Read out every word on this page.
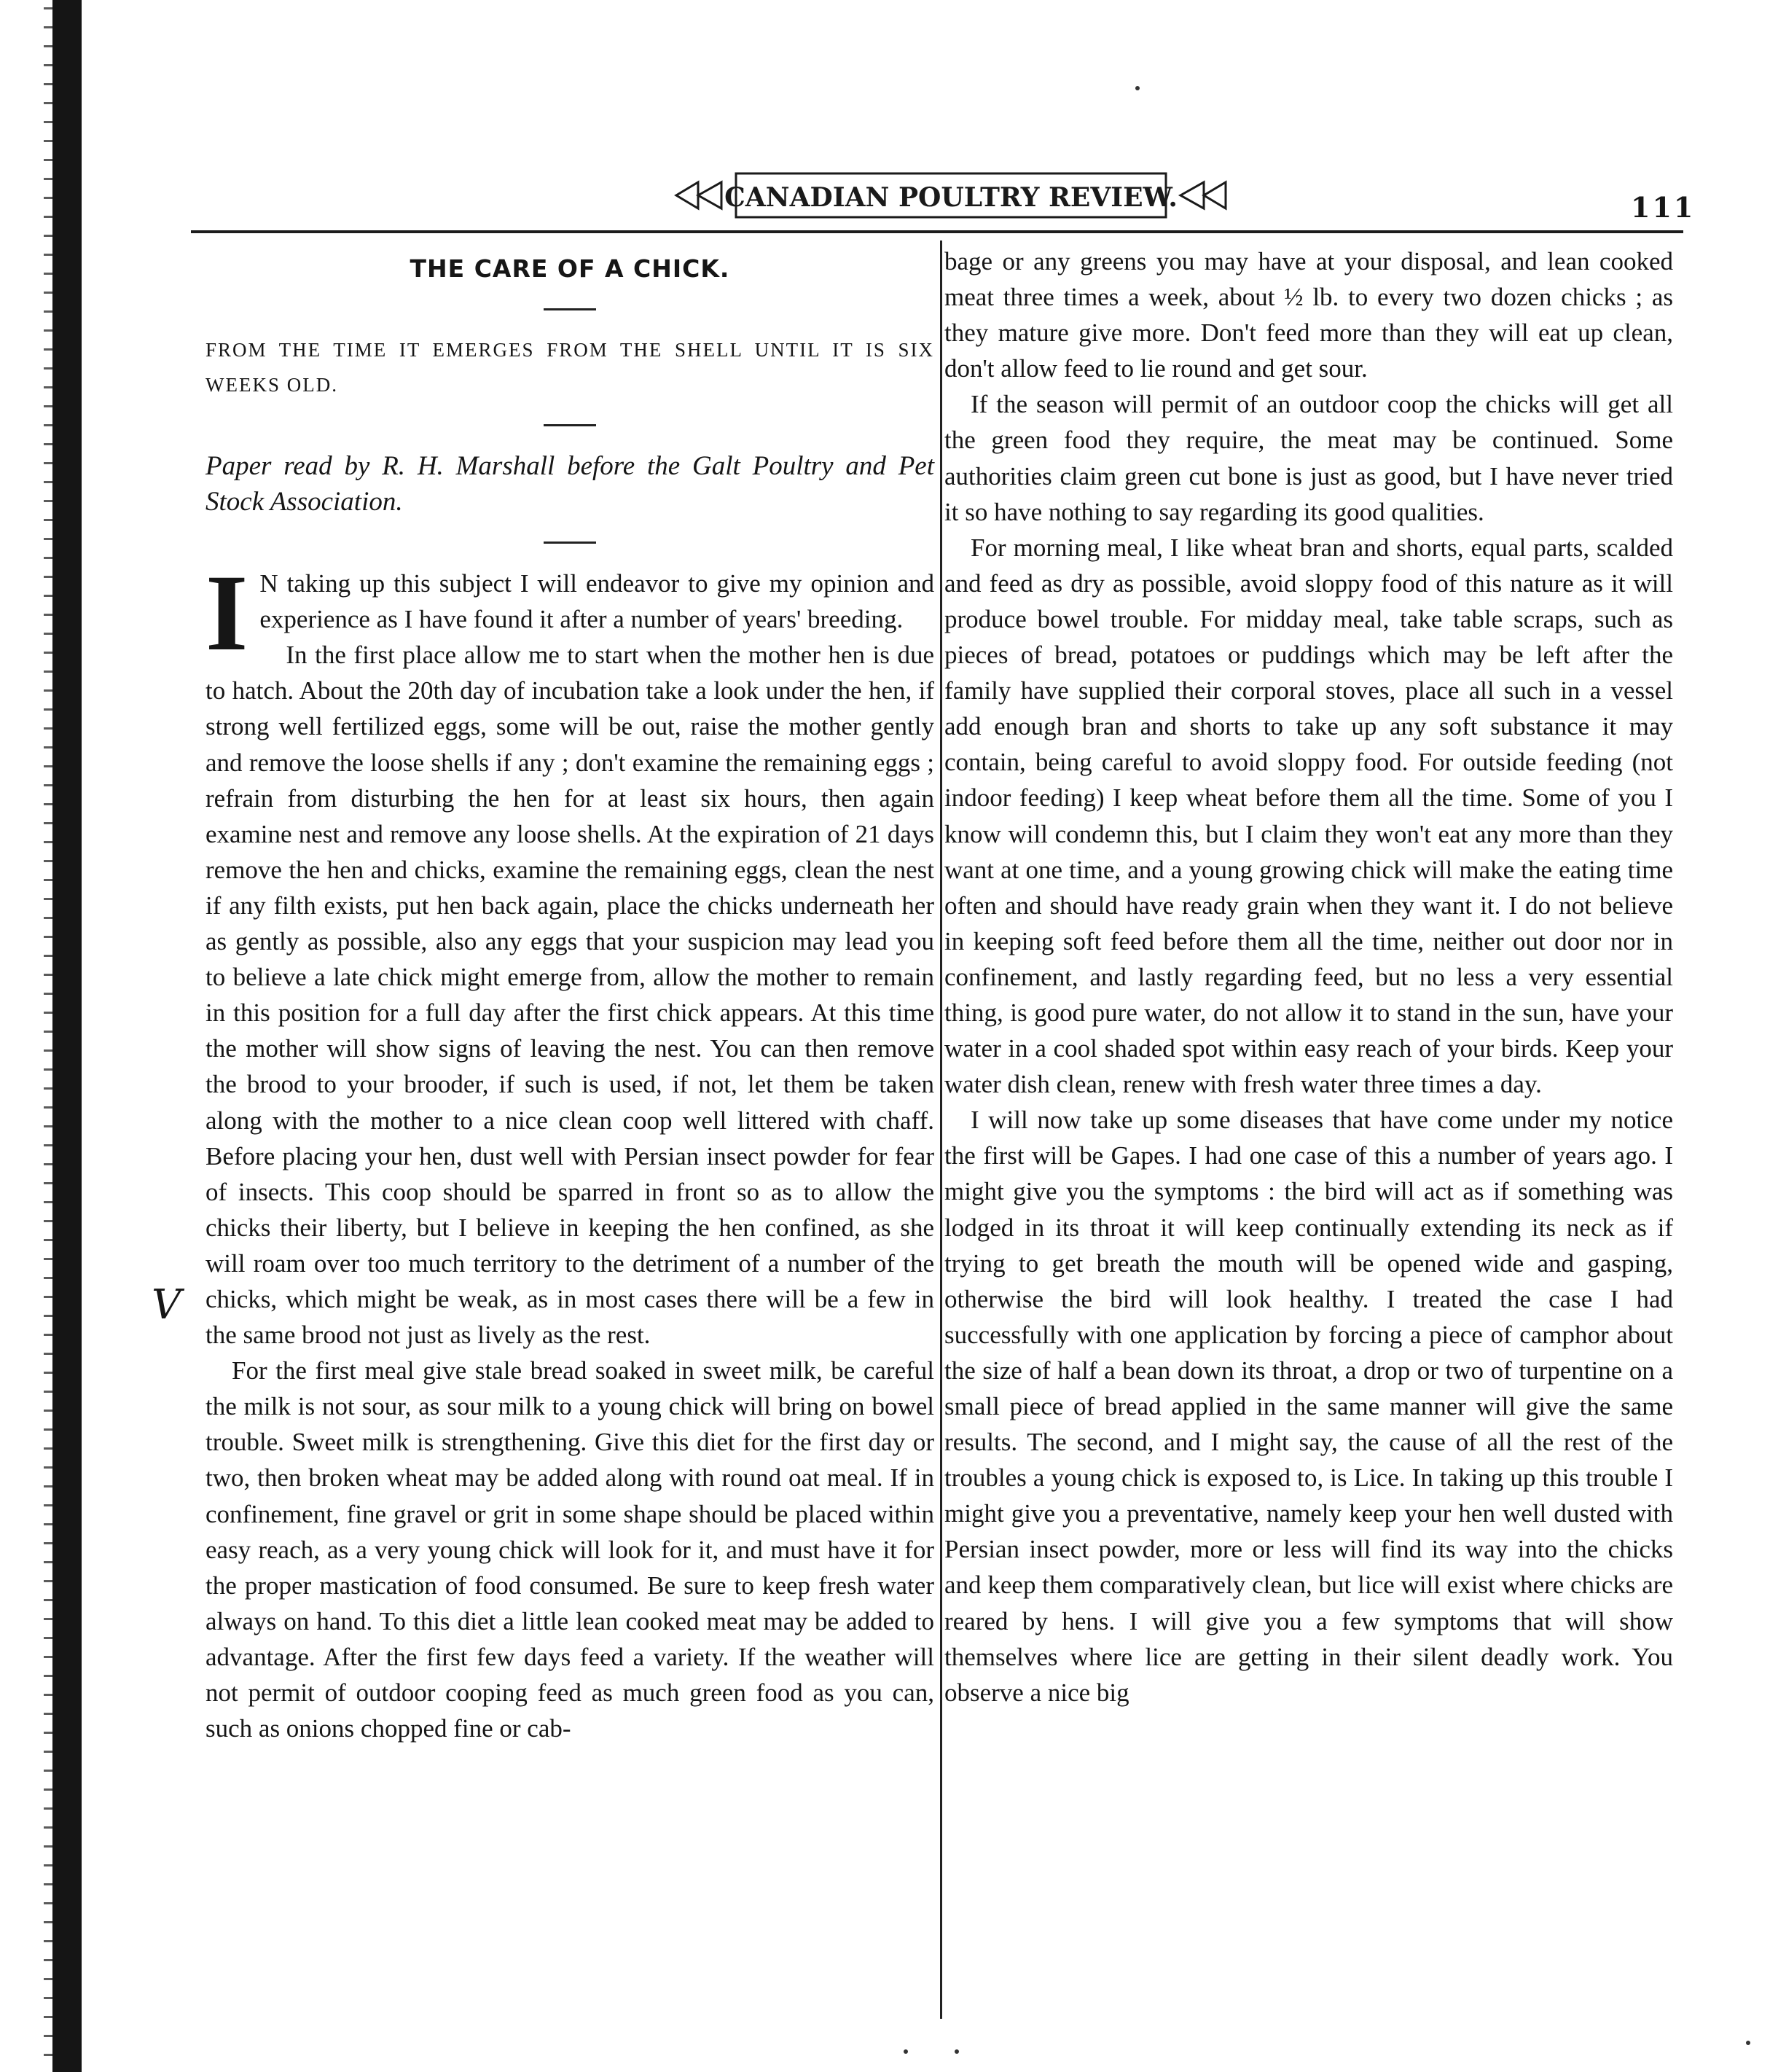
CANADIAN POULTRY REVIEW.	111
THE CARE OF A CHICK.

FROM THE TIME IT EMERGES FROM THE SHELL UNTIL IT IS SIX WEEKS OLD.

Paper read by R. H. Marshall before the Galt Poultry and Pet Stock Association.

I N taking up this subject I will endeavor to give my opinion and experience as I have found it after a number of years' breeding.

In the first place allow me to start when the mother hen is due to hatch. About the 20th day of incubation take a look under the hen, if strong well fertilized eggs, some will be out, raise the mother gently and remove the loose shells if any ; don't examine the remaining eggs ; refrain from disturbing the hen for at least six hours, then again examine nest and remove any loose shells. At the expiration of 21 days remove the hen and chicks, examine the remaining eggs, clean the nest if any filth exists, put hen back again, place the chicks underneath her as gently as possible, also any eggs that your suspicion may lead you to believe a late chick might emerge from, allow the mother to remain in this position for a full day after the first chick appears. At this time the mother will show signs of leaving the nest. You can then remove the brood to your brooder, if such is used, if not, let them be taken along with the mother to a nice clean coop well littered with chaff. Before placing your hen, dust well with Persian insect powder for fear of insects. This coop should be sparred in front so as to allow the chicks their liberty, but I believe in keeping the hen confined, as she will roam over too much territory to the detriment of a number of the chicks, which might be weak, as in most cases there will be a few in the same brood not just as lively as the rest.

For the first meal give stale bread soaked in sweet milk, be careful the milk is not sour, as sour milk to a young chick will bring on bowel trouble. Sweet milk is strengthening. Give this diet for the first day or two, then broken wheat may be added along with round oat meal. If in confinement, fine gravel or grit in some shape should be placed within easy reach, as a very young chick will look for it, and must have it for the proper mastication of food consumed. Be sure to keep fresh water always on hand. To this diet a little lean cooked meat may be added to advantage. After the first few days feed a variety. If the weather will not permit of outdoor cooping feed as much green food as you can, such as onions chopped fine or cab-

bage or any greens you may have at your disposal, and lean cooked meat three times a week, about ½ lb. to every two dozen chicks ; as they mature give more. Don't feed more than they will eat up clean, don't allow feed to lie round and get sour.

If the season will permit of an outdoor coop the chicks will get all the green food they require, the meat may be continued. Some authorities claim green cut bone is just as good, but I have never tried it so have nothing to say regarding its good qualities.

For morning meal, I like wheat bran and shorts, equal parts, scalded and feed as dry as possible, avoid sloppy food of this nature as it will produce bowel trouble. For midday meal, take table scraps, such as pieces of bread, potatoes or puddings which may be left after the family have supplied their corporal stoves, place all such in a vessel add enough bran and shorts to take up any soft substance it may contain, being careful to avoid sloppy food. For outside feeding (not indoor feeding) I keep wheat before them all the time. Some of you I know will condemn this, but I claim they won't eat any more than they want at one time, and a young growing chick will make the eating time often and should have ready grain when they want it. I do not believe in keeping soft feed before them all the time, neither out door nor in confinement, and lastly regarding feed, but no less a very essential thing, is good pure water, do not allow it to stand in the sun, have your water in a cool shaded spot within easy reach of your birds. Keep your water dish clean, renew with fresh water three times a day.

I will now take up some diseases that have come under my notice the first will be Gapes. I had one case of this a number of years ago. I might give you the symptoms : the bird will act as if something was lodged in its throat it will keep continually extending its neck as if trying to get breath the mouth will be opened wide and gasping, otherwise the bird will look healthy. I treated the case I had successfully with one application by forcing a piece of camphor about the size of half a bean down its throat, a drop or two of turpentine on a small piece of bread applied in the same manner will give the same results. The second, and I might say, the cause of all the rest of the troubles a young chick is exposed to, is Lice. In taking up this trouble I might give you a preventative, namely keep your hen well dusted with Persian insect powder, more or less will find its way into the chicks and keep them comparatively clean, but lice will exist where chicks are reared by hens. I will give you a few symptoms that will show themselves where lice are getting in their silent deadly work. You observe a nice big

V
